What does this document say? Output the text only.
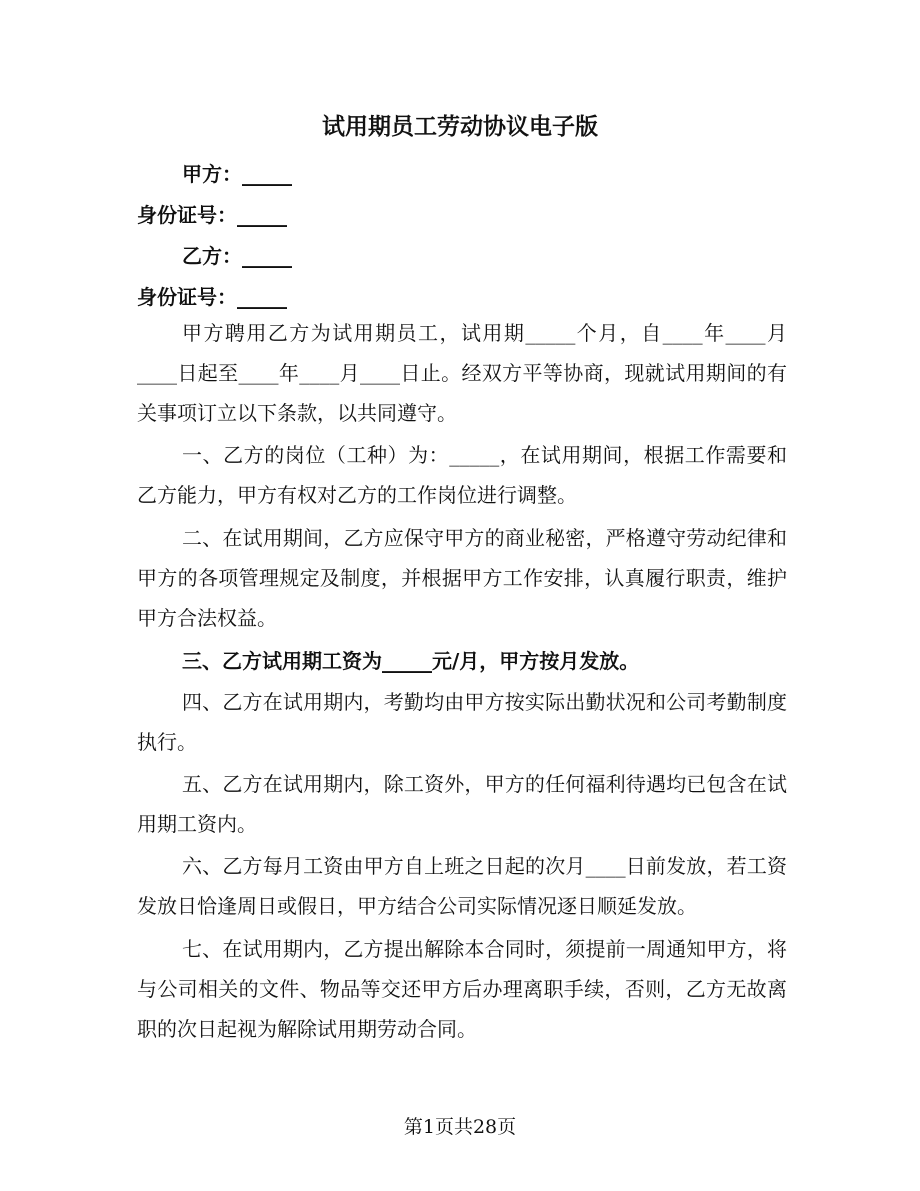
试用期员工劳动协议电子版
甲方：_____
身份证号：_____
乙方：_____
身份证号：_____

甲方聘用乙方为试用期员工，试用期_____个月，自____年____月____日起至____年____月____日止。经双方平等协商，现就试用期间的有关事项订立以下条款，以共同遵守。

一、乙方的岗位（工种）为：_____，在试用期间，根据工作需要和乙方能力，甲方有权对乙方的工作岗位进行调整。

二、在试用期间，乙方应保守甲方的商业秘密，严格遵守劳动纪律和甲方的各项管理规定及制度，并根据甲方工作安排，认真履行职责，维护甲方合法权益。

三、乙方试用期工资为_____元/月，甲方按月发放。

四、乙方在试用期内，考勤均由甲方按实际出勤状况和公司考勤制度执行。

五、乙方在试用期内，除工资外，甲方的任何福利待遇均已包含在试用期工资内。

六、乙方每月工资由甲方自上班之日起的次月____日前发放，若工资发放日恰逢周日或假日，甲方结合公司实际情况逐日顺延发放。

七、在试用期内，乙方提出解除本合同时，须提前一周通知甲方，将与公司相关的文件、物品等交还甲方后办理离职手续，否则，乙方无故离职的次日起视为解除试用期劳动合同。

第1页共28页
